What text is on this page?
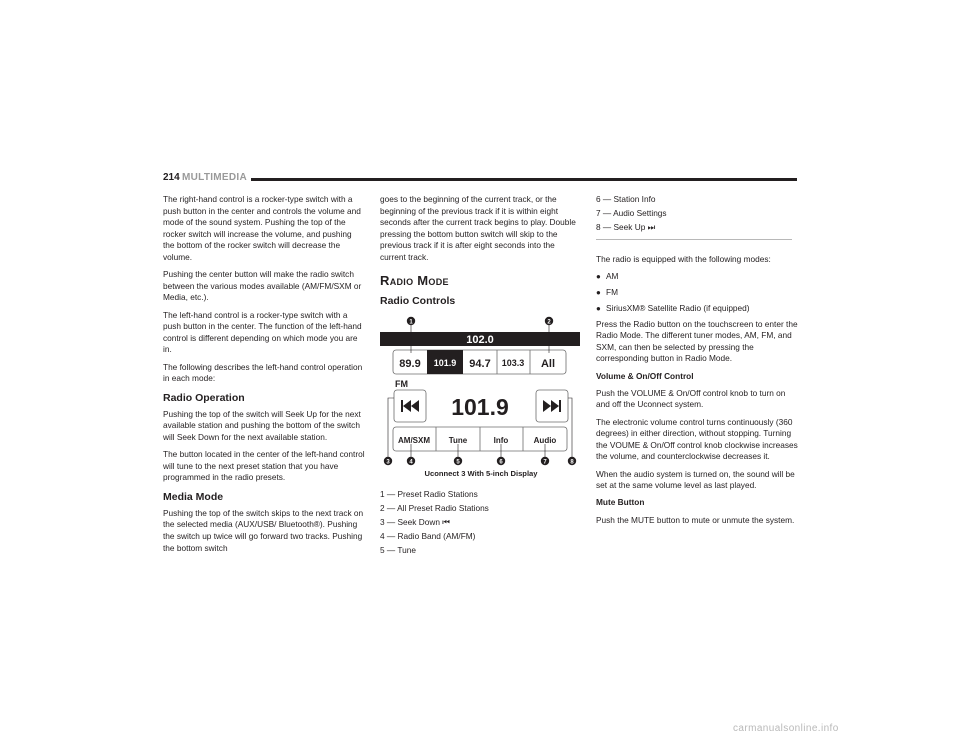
214 MULTIMEDIA

The right-hand control is a rocker-type switch with a push button in the center and controls the volume and mode of the sound system. Pushing the top of the rocker switch will increase the volume, and pushing the bottom of the rocker switch will decrease the volume.

Pushing the center button will make the radio switch between the various modes available (AM/FM/SXM or Media, etc.).

The left-hand control is a rocker-type switch with a push button in the center. The function of the left-hand control is different depending on which mode you are in.

The following describes the left-hand control operation in each mode:

Radio Operation

Pushing the top of the switch will Seek Up for the next available station and pushing the bottom of the switch will Seek Down for the next available station.

The button located in the center of the left-hand control will tune to the next preset station that you have programmed in the radio presets.

Media Mode

Pushing the top of the switch skips to the next track on the selected media (AUX/USB/ Bluetooth®). Pushing the switch up twice will go forward two tracks. Pushing the bottom switch

goes to the beginning of the current track, or the beginning of the previous track if it is within eight seconds after the current track begins to play. Double pressing the bottom button switch will skip to the previous track if it is after eight seconds into the current track.

Radio Mode
Radio Controls
102.0
89.9 101.9 94.7 103.3 All
FM
101.9
AM/SXM Tune	Info	Audio
1	2
3	4	5	6	7	8
Uconnect 3 With 5-inch Display
1 — Preset Radio Stations
2 — All Preset Radio Stations
3 — Seek Down ⏮
4 — Radio Band (AM/FM)
5 — Tune
6 — Station Info
7 — Audio Settings
8 — Seek Up ⏭

The radio is equipped with the following modes:

● AM
● FM
● SiriusXM® Satellite Radio (if equipped)

Press the Radio button on the touchscreen to enter the Radio Mode. The different tuner modes, AM, FM, and SXM, can then be selected by pressing the corresponding button in Radio Mode.

Volume & On/Off Control

Push the VOLUME & On/Off control knob to turn on and off the Uconnect system.

The electronic volume control turns continuously (360 degrees) in either direction, without stopping. Turning the VOUME & On/Off control knob clockwise increases the volume, and counterclockwise decreases it.

When the audio system is turned on, the sound will be set at the same volume level as last played.

Mute Button

Push the MUTE button to mute or unmute the system.

carmanualsonline.info
